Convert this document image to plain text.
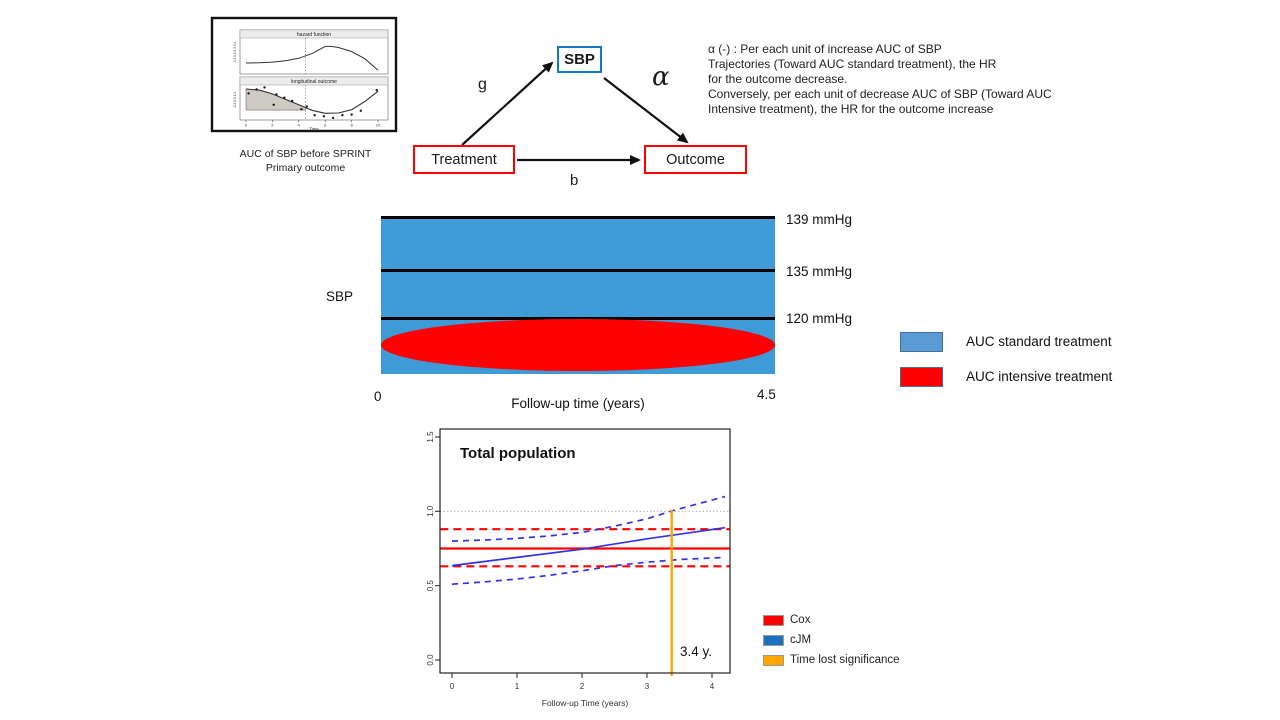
hazard function
0.1 0.2 0.3 0.4
longitudinal outcome
-0.5 0.5 1.5
0	2	4	6	8	10
Time
AUC of SBP before SPRINT
Primary outcome
SBP
Treatment	Outcome
g	α
b
α (-) : Per each unit of increase AUC of SBP
Trajectories (Toward AUC standard treatment), the HR
for the outcome decrease.
Conversely, per each unit of decrease AUC of SBP (Toward AUC
Intensive treatment), the HR for the outcome increase
SBP
139 mmHg
135 mmHg
120 mmHg
0	Follow-up time (years)
4.5
AUC standard treatment
AUC intensive treatment
0	1	2	3	4
0.0
0.5
1.0
1.5
Total population
3.4 y.
Follow-up Time (years)
Cox
cJM
Time lost significance
